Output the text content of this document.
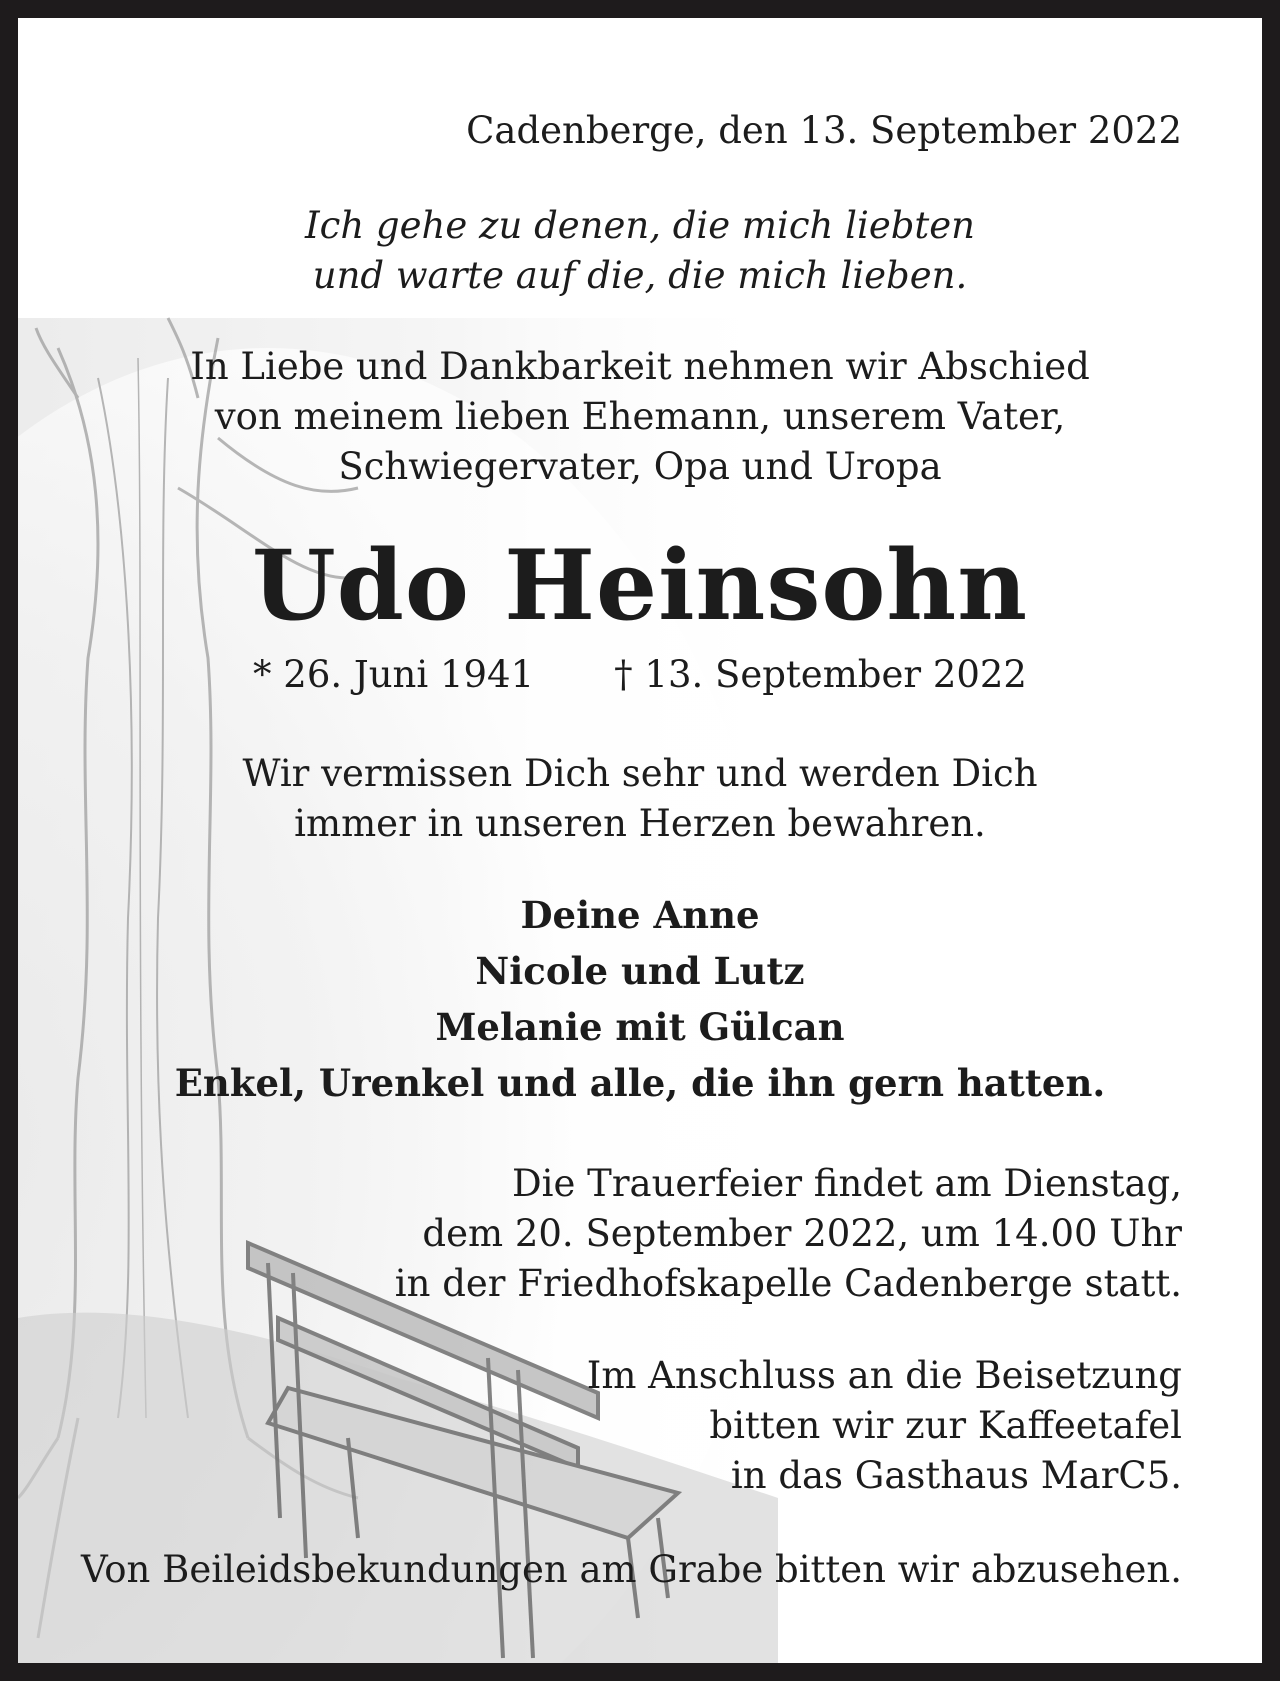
Cadenberge, den 13. September 2022
Ich gehe zu denen, die mich liebten
und warte auf die, die mich lieben.
In Liebe und Dankbarkeit nehmen wir Abschied
von meinem lieben Ehemann, unserem Vater,
Schwiegervater, Opa und Uropa
Udo Heinsohn
* 26. Juni 1941 † 13. September 2022
Wir vermissen Dich sehr und werden Dich
immer in unseren Herzen bewahren.
Deine Anne
Nicole und Lutz
Melanie mit Gülcan
Enkel, Urenkel und alle, die ihn gern hatten.
Die Trauerfeier findet am Dienstag,
dem 20. September 2022, um 14.00 Uhr
in der Friedhofskapelle Cadenberge statt.
Im Anschluss an die Beisetzung
bitten wir zur Kaffeetafel
in das Gasthaus MarC5.
Von Beileidsbekundungen am Grabe bitten wir abzusehen.
